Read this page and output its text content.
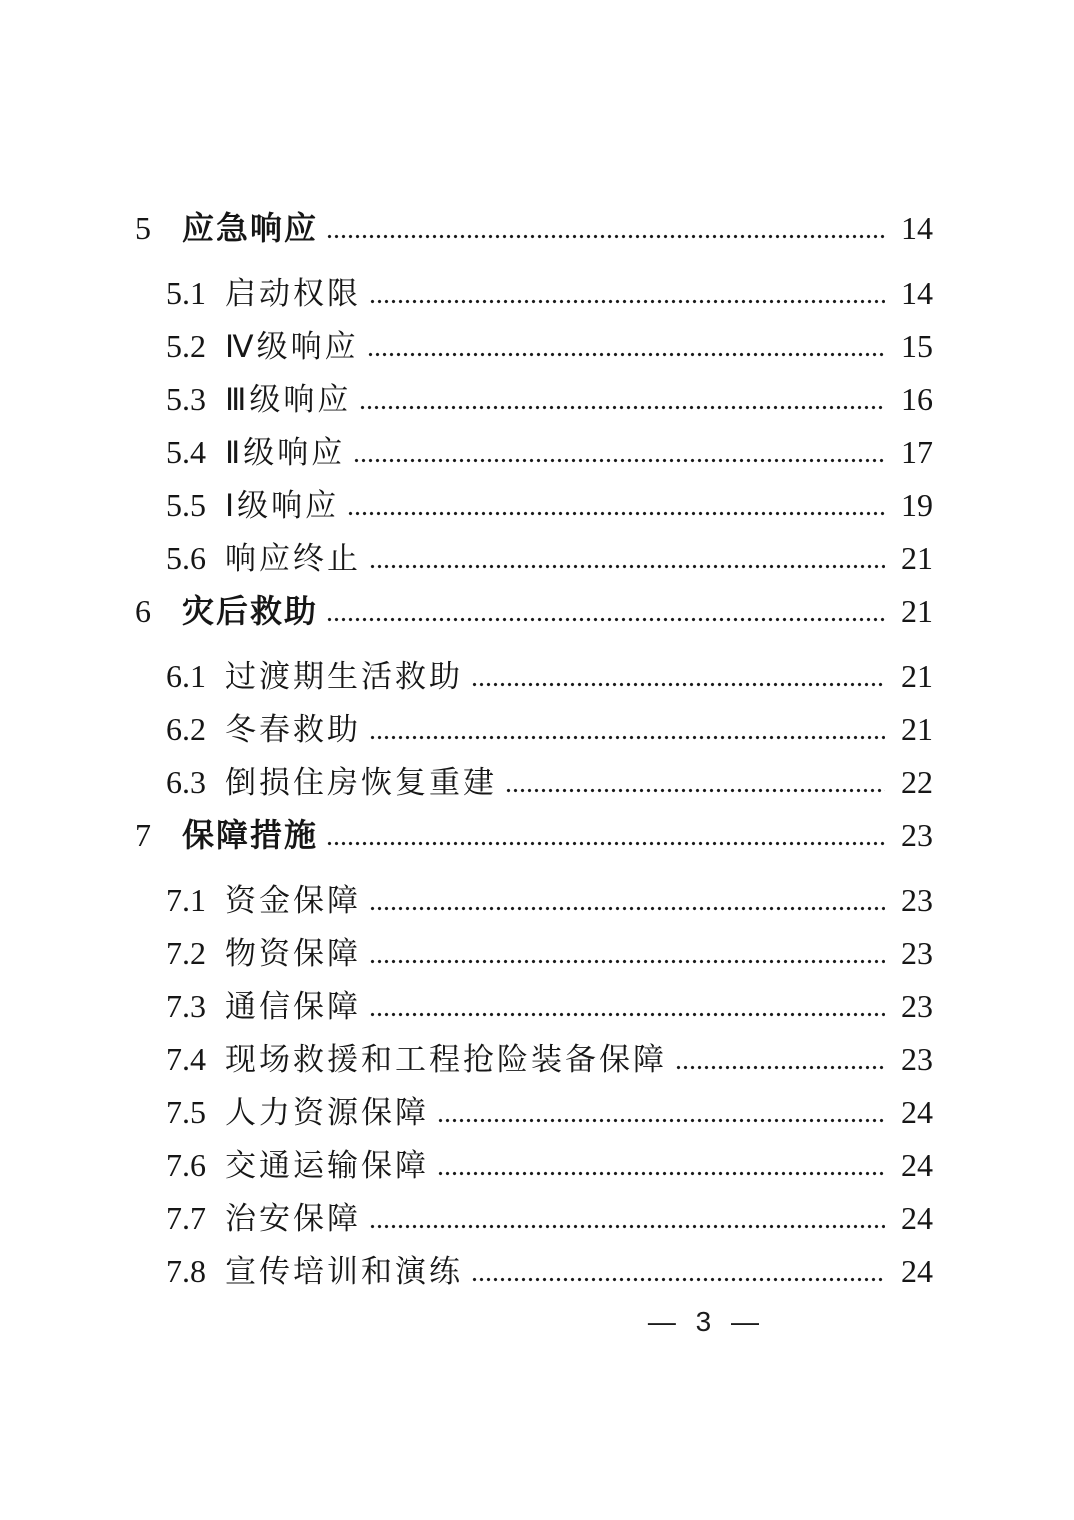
5 应急响应	14
5.1 启动权限	14
5.2 Ⅳ级响应	15
5.3 Ⅲ级响应	16
5.4 Ⅱ级响应	17
5.5 Ⅰ级响应	19
5.6 响应终止	21
6 灾后救助	21
6.1 过渡期生活救助	21
6.2 冬春救助	21
6.3 倒损住房恢复重建	22
7 保障措施	23
7.1 资金保障	23
7.2 物资保障	23
7.3 通信保障	23
7.4 现场救援和工程抢险装备保障	23
7.5 人力资源保障	24
7.6 交通运输保障	24
7.7 治安保障	24
7.8 宣传培训和演练	24
— 3 —
